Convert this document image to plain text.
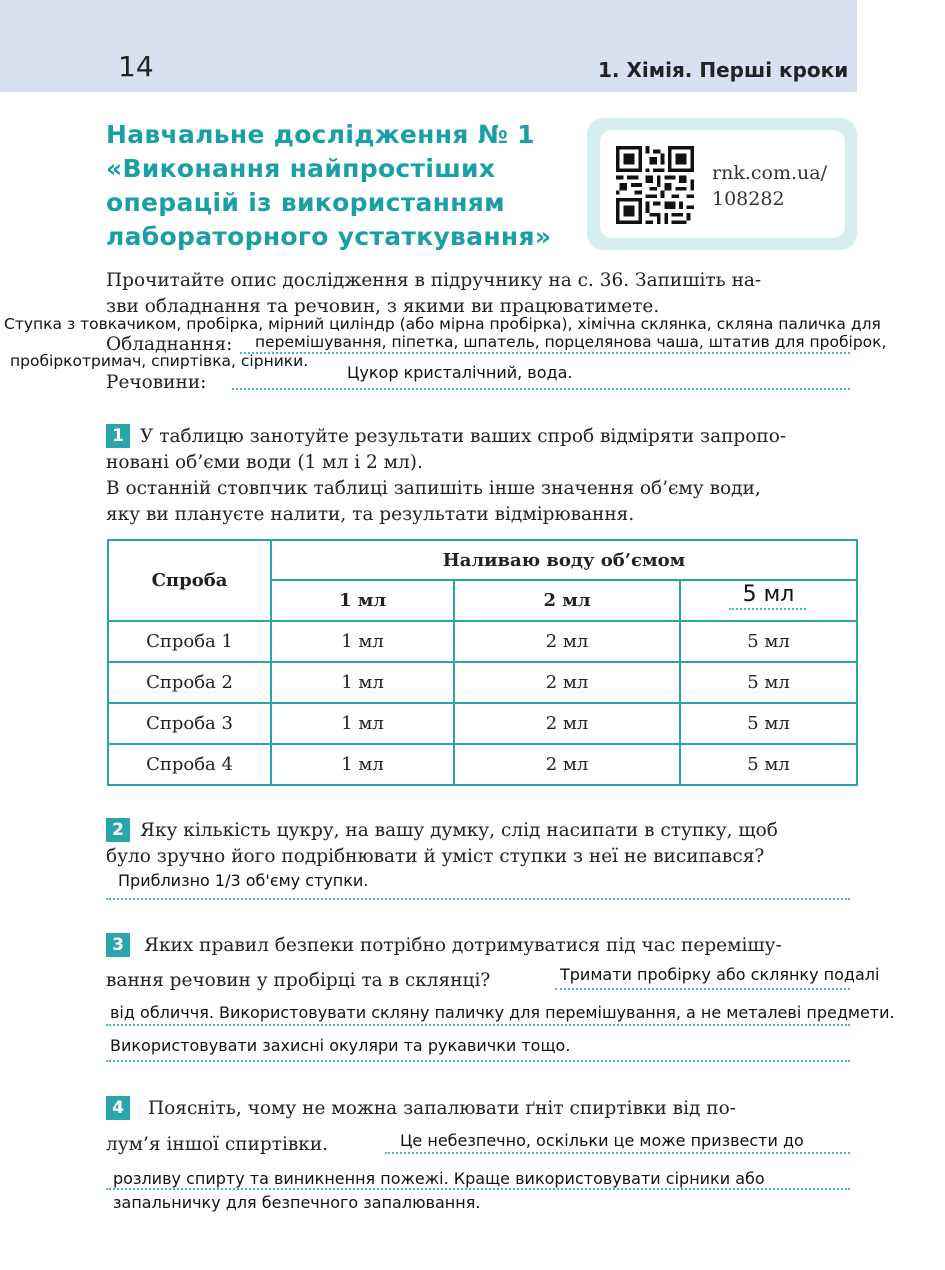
14	1. Хімія. Перші кроки
Навчальне дослідження № 1
«Виконання найпростіших
операцій із використанням
лабораторного устаткування»
rnk.com.ua/
108282
Прочитайте опис дослідження в підручнику на с. 36. Запишіть на-
зви обладнання та речовин, з якими ви працюватимете.
Обладнання:
Речовини:
Ступка з товкачиком, пробірка, мірний циліндр (або мірна пробірка), хімічна склянка, скляна паличка для
перемішування, піпетка, шпатель, порцелянова чаша, штатив для пробірок,
пробіркотримач, спиртівка, сірники.
Цукор кристалічний, вода.
1 У таблицю занотуйте результати ваших спроб відміряти запропо-
новані об’єми води (1 мл і 2 мл).
В останній стовпчик таблиці запишіть інше значення об’єму води,
яку ви плануєте налити, та результати відмірювання.
Спроба	Наливаю воду об’ємом		
	1 мл	2 мл	5 мл

Спроба 1	1 мл	2 мл	5 мл
Спроба 2	1 мл	2 мл	5 мл
Спроба 3	1 мл	2 мл	5 мл
Спроба 4	1 мл	2 мл	5 мл
2 Яку кількість цукру, на вашу думку, слід насипати в ступку, щоб
було зручно його подрібнювати й уміст ступки з неї не висипався?
Приблизно 1/3 об'єму ступки.
3	Яких правил безпеки потрібно дотримуватися під час перемішу-
вання речовин у пробірці та в склянці?	Тримати пробірку або склянку подалі
від обличчя. Використовувати скляну паличку для перемішування, а не металеві предмети.
Використовувати захисні окуляри та рукавички тощо.
4	Поясніть, чому не можна запалювати ґніт спиртівки від по-
лум’я іншої спиртівки.	Це небезпечно, оскільки це може призвести до
розливу спирту та виникнення пожежі. Краще використовувати сірники або
запальничку для безпечного запалювання.
